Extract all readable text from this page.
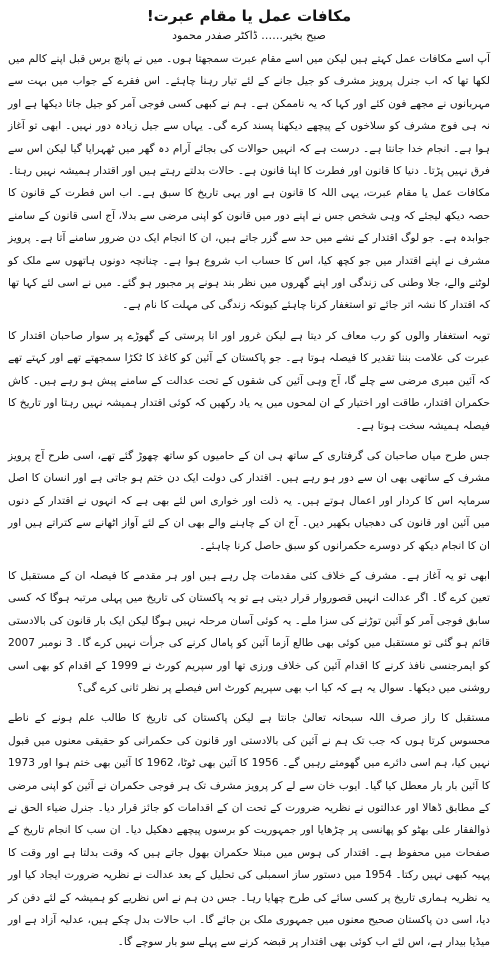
مکافات عمل یا مقام عبرت!
صبح بخیر…… ڈاکٹر صفدر محمود

آپ اسے مکافات عمل کہتے ہیں لیکن میں اسے مقام عبرت سمجھتا ہوں۔ میں نے پانچ برس قبل اپنے کالم میں لکھا تھا کہ اب جنرل پرویز مشرف کو جیل جانے کے لئے تیار رہنا چاہئے۔ اس فقرے کے جواب میں بہت سے مہربانوں نے مجھے فون کئے اور کہا کہ یہ ناممکن ہے۔ ہم نے کبھی کسی فوجی آمر کو جیل جاتا دیکھا ہے اور نہ ہی فوج مشرف کو سلاخوں کے پیچھے دیکھنا پسند کرے گی۔ یہاں سے جیل زیادہ دور نہیں۔ ابھی تو آغاز ہوا ہے۔ انجام خدا جانتا ہے۔ درست ہے کہ انہیں حوالات کی بجائے آرام دہ گھر میں ٹھہرایا گیا لیکن اس سے فرق نہیں پڑتا۔ دنیا کا قانون اور فطرت کا اپنا قانون ہے۔ حالات بدلتے رہتے ہیں اور اقتدار ہمیشہ نہیں رہتا۔ مکافات عمل یا مقام عبرت، یہی اللہ کا قانون ہے اور یہی تاریخ کا سبق ہے۔ اب اس فطرت کے قانون کا حصہ دیکھ لیجئے کہ وہی شخص جس نے اپنے دور میں قانون کو اپنی مرضی سے بدلا، آج اسی قانون کے سامنے جوابدہ ہے۔ جو لوگ اقتدار کے نشے میں حد سے گزر جاتے ہیں، ان کا انجام ایک دن ضرور سامنے آتا ہے۔ پرویز مشرف نے اپنے اقتدار میں جو کچھ کیا، اس کا حساب اب شروع ہوا ہے۔ چنانچہ دونوں ہاتھوں سے ملک کو لوٹنے والے، جلا وطنی کی زندگی اور اپنے گھروں میں نظر بند ہونے پر مجبور ہو گئے۔ میں نے اسی لئے کہا تھا کہ اقتدار کا نشہ اتر جائے تو استغفار کرنا چاہئے کیونکہ زندگی کی مہلت کا نام ہے۔

توبہ استغفار والوں کو رب معاف کر دیتا ہے لیکن غرور اور انا پرستی کے گھوڑے پر سوار صاحبان اقتدار کا عبرت کی علامت بننا تقدیر کا فیصلہ ہوتا ہے۔ جو پاکستان کے آئین کو کاغذ کا ٹکڑا سمجھتے تھے اور کہتے تھے کہ آئین میری مرضی سے چلے گا، آج وہی آئین کی شقوں کے تحت عدالت کے سامنے پیش ہو رہے ہیں۔ کاش حکمران اقتدار، طاقت اور اختیار کے ان لمحوں میں یہ یاد رکھیں کہ کوئی اقتدار ہمیشہ نہیں رہتا اور تاریخ کا فیصلہ ہمیشہ سخت ہوتا ہے۔

جس طرح میاں صاحبان کی گرفتاری کے ساتھ ہی ان کے حامیوں کو ساتھ چھوڑ گئے تھے، اسی طرح آج پرویز مشرف کے ساتھی بھی ان سے دور ہو رہے ہیں۔ اقتدار کی دولت ایک دن ختم ہو جاتی ہے اور انسان کا اصل سرمایہ اس کا کردار اور اعمال ہوتے ہیں۔ یہ ذلت اور خواری اس لئے بھی ہے کہ انہوں نے اقتدار کے دنوں میں آئین اور قانون کی دھجیاں بکھیر دیں۔ آج ان کے چاہنے والے بھی ان کے لئے آواز اٹھانے سے کتراتے ہیں اور ان کا انجام دیکھ کر دوسرے حکمرانوں کو سبق حاصل کرنا چاہئے۔

ابھی تو یہ آغاز ہے۔ مشرف کے خلاف کئی مقدمات چل رہے ہیں اور ہر مقدمے کا فیصلہ ان کے مستقبل کا تعین کرے گا۔ اگر عدالت انہیں قصوروار قرار دیتی ہے تو یہ پاکستان کی تاریخ میں پہلی مرتبہ ہوگا کہ کسی سابق فوجی آمر کو آئین توڑنے کی سزا ملے۔ یہ کوئی آسان مرحلہ نہیں ہوگا لیکن ایک بار قانون کی بالادستی قائم ہو گئی تو مستقبل میں کوئی بھی طالع آزما آئین کو پامال کرنے کی جرأت نہیں کرے گا۔ 3 نومبر 2007 کو ایمرجنسی نافذ کرنے کا اقدام آئین کی خلاف ورزی تھا اور سپریم کورٹ نے 1999 کے اقدام کو بھی اسی روشنی میں دیکھا۔ سوال یہ ہے کہ کیا اب بھی سپریم کورٹ اس فیصلے پر نظر ثانی کرے گی؟

مستقبل کا راز صرف اللہ سبحانہ تعالیٰ جانتا ہے لیکن پاکستان کی تاریخ کا طالب علم ہونے کے ناطے محسوس کرتا ہوں کہ جب تک ہم نے آئین کی بالادستی اور قانون کی حکمرانی کو حقیقی معنوں میں قبول نہیں کیا، ہم اسی دائرے میں گھومتے رہیں گے۔ 1956 کا آئین بھی ٹوٹا، 1962 کا آئین بھی ختم ہوا اور 1973 کا آئین بار بار معطل کیا گیا۔ ایوب خان سے لے کر پرویز مشرف تک ہر فوجی حکمران نے آئین کو اپنی مرضی کے مطابق ڈھالا اور عدالتوں نے نظریہ ضرورت کے تحت ان کے اقدامات کو جائز قرار دیا۔ جنرل ضیاء الحق نے ذوالفقار علی بھٹو کو پھانسی پر چڑھایا اور جمہوریت کو برسوں پیچھے دھکیل دیا۔ ان سب کا انجام تاریخ کے صفحات میں محفوظ ہے۔ اقتدار کی ہوس میں مبتلا حکمران بھول جاتے ہیں کہ وقت بدلتا ہے اور وقت کا پہیہ کبھی نہیں رکتا۔ 1954 میں دستور ساز اسمبلی کی تحلیل کے بعد عدالت نے نظریہ ضرورت ایجاد کیا اور یہ نظریہ ہماری تاریخ پر کسی سائے کی طرح چھایا رہا۔ جس دن ہم نے اس نظریے کو ہمیشہ کے لئے دفن کر دیا، اسی دن پاکستان صحیح معنوں میں جمہوری ملک بن جائے گا۔ اب حالات بدل چکے ہیں، عدلیہ آزاد ہے اور میڈیا بیدار ہے، اس لئے اب کوئی بھی اقتدار پر قبضہ کرنے سے پہلے سو بار سوچے گا۔
